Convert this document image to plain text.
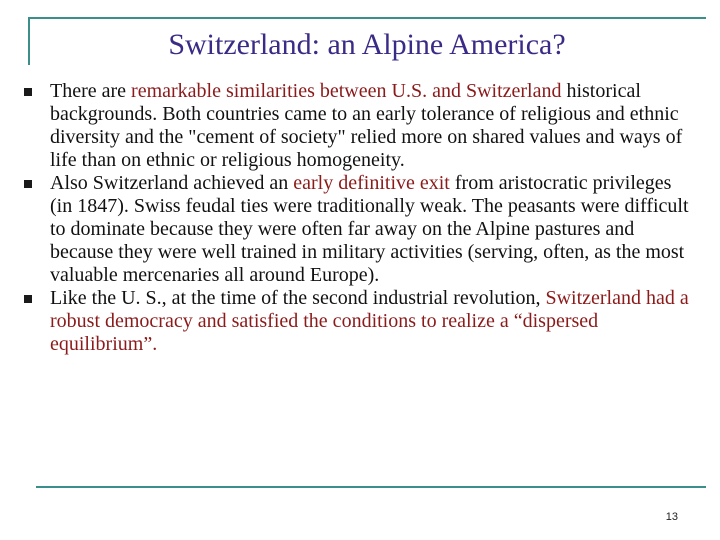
Switzerland: an Alpine America?
There are remarkable similarities between U.S. and Switzerland historical backgrounds. Both countries came to an early tolerance of religious and ethnic diversity and the "cement of society" relied more on shared values and ways of life than on ethnic or religious homogeneity.
Also Switzerland achieved an early definitive exit from aristocratic privileges (in 1847). Swiss feudal ties were traditionally weak. The peasants were difficult to dominate because they were often far away on the Alpine pastures and because they were well trained in military activities (serving, often, as the most valuable mercenaries all around Europe).
Like the U. S., at the time of the second industrial revolution, Switzerland had a robust democracy and satisfied the conditions to realize a “dispersed equilibrium”.
13
